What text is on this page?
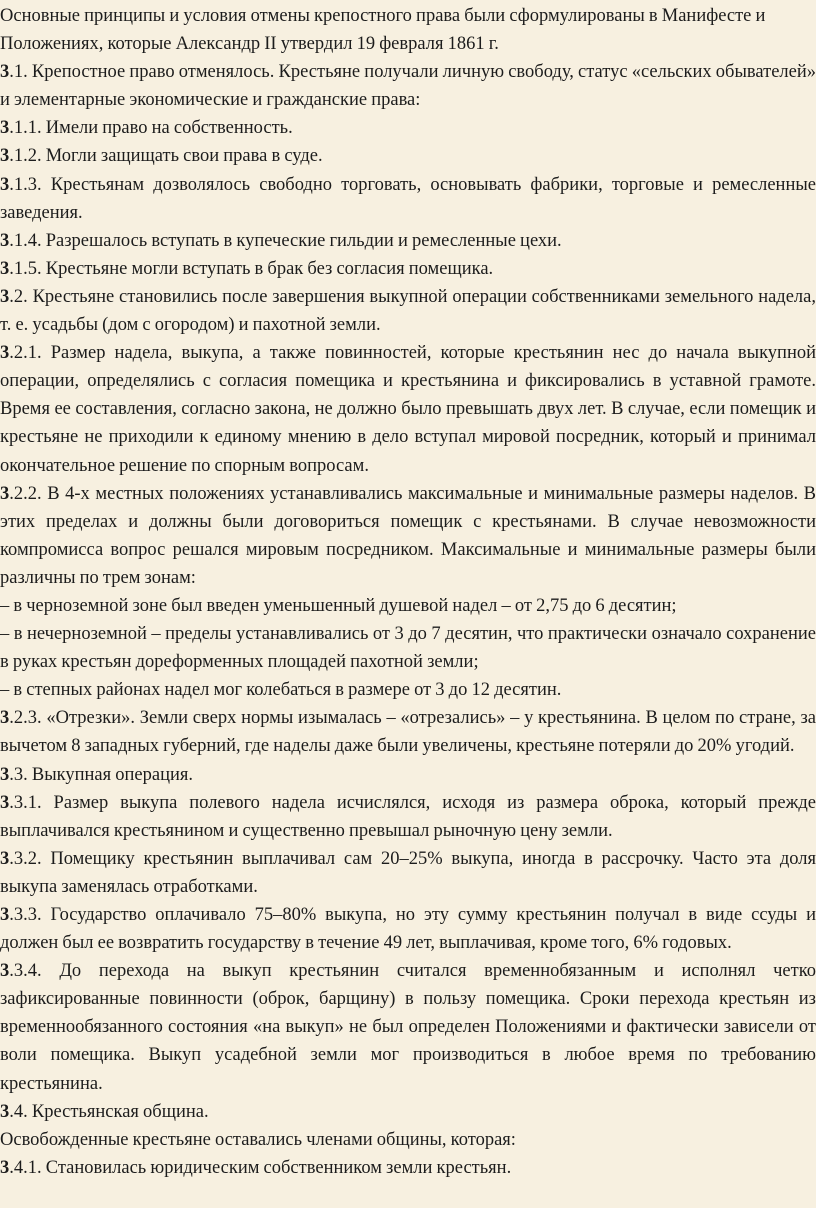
Основные принципы и условия отмены крепостного права были сформулированы в Манифесте и Положениях, которые Александр II утвердил 19 февраля 1861 г.

3.1. Крепостное право отменялось. Крестьяне получали личную свободу, статус «сельских обывателей» и элементарные экономические и гражданские права:

3.1.1. Имели право на собственность.

3.1.2. Могли защищать свои права в суде.

3.1.3. Крестьянам дозволялось свободно торговать, основывать фабрики, торговые и ремесленные заведения.

3.1.4. Разрешалось вступать в купеческие гильдии и ремесленные цехи.

3.1.5. Крестьяне могли вступать в брак без согласия помещика.

3.2. Крестьяне становились после завершения выкупной операции собственниками земельного надела, т. е. усадьбы (дом с огородом) и пахотной земли.

3.2.1. Размер надела, выкупа, а также повинностей, которые крестьянин нес до начала выкупной операции, определялись с согласия помещика и крестьянина и фиксировались в уставной грамоте. Время ее составления, согласно закона, не должно было превышать двух лет. В случае, если помещик и крестьяне не приходили к единому мнению в дело вступал мировой посредник, который и принимал окончательное решение по спорным вопросам.

3.2.2. В 4-х местных положениях устанавливались максимальные и минимальные размеры наделов. В этих пределах и должны были договориться помещик с крестьянами. В случае невозможности компромисса вопрос решался мировым посредником. Максимальные и минимальные размеры были различны по трем зонам:

– в черноземной зоне был введен уменьшенный душевой надел – от 2,75 до 6 десятин;

– в нечерноземной – пределы устанавливались от 3 до 7 десятин, что практически означало сохранение в руках крестьян дореформенных площадей пахотной земли;

– в степных районах надел мог колебаться в размере от 3 до 12 десятин.

3.2.3. «Отрезки». Земли сверх нормы изымалась – «отрезались» – у крестьянина. В целом по стране, за вычетом 8 западных губерний, где наделы даже были увеличены, крестьяне потеряли до 20% угодий.

3.3. Выкупная операция.

3.3.1. Размер выкупа полевого надела исчислялся, исходя из размера оброка, который прежде выплачивался крестьянином и существенно превышал рыночную цену земли.

3.3.2. Помещику крестьянин выплачивал сам 20–25% выкупа, иногда в рассрочку. Часто эта доля выкупа заменялась отработками.

3.3.3. Государство оплачивало 75–80% выкупа, но эту сумму крестьянин получал в виде ссуды и должен был ее возвратить государству в течение 49 лет, выплачивая, кроме того, 6% годовых.

3.3.4. До перехода на выкуп крестьянин считался временнобязанным и исполнял четко зафиксированные повинности (оброк, барщину) в пользу помещика. Сроки перехода крестьян из временнообязанного состояния «на выкуп» не был определен Положениями и фактически зависели от воли помещика. Выкуп усадебной земли мог производиться в любое время по требованию крестьянина.

3.4. Крестьянская община.

Освобожденные крестьяне оставались членами общины, которая:

3.4.1. Становилась юридическим собственником земли крестьян.
